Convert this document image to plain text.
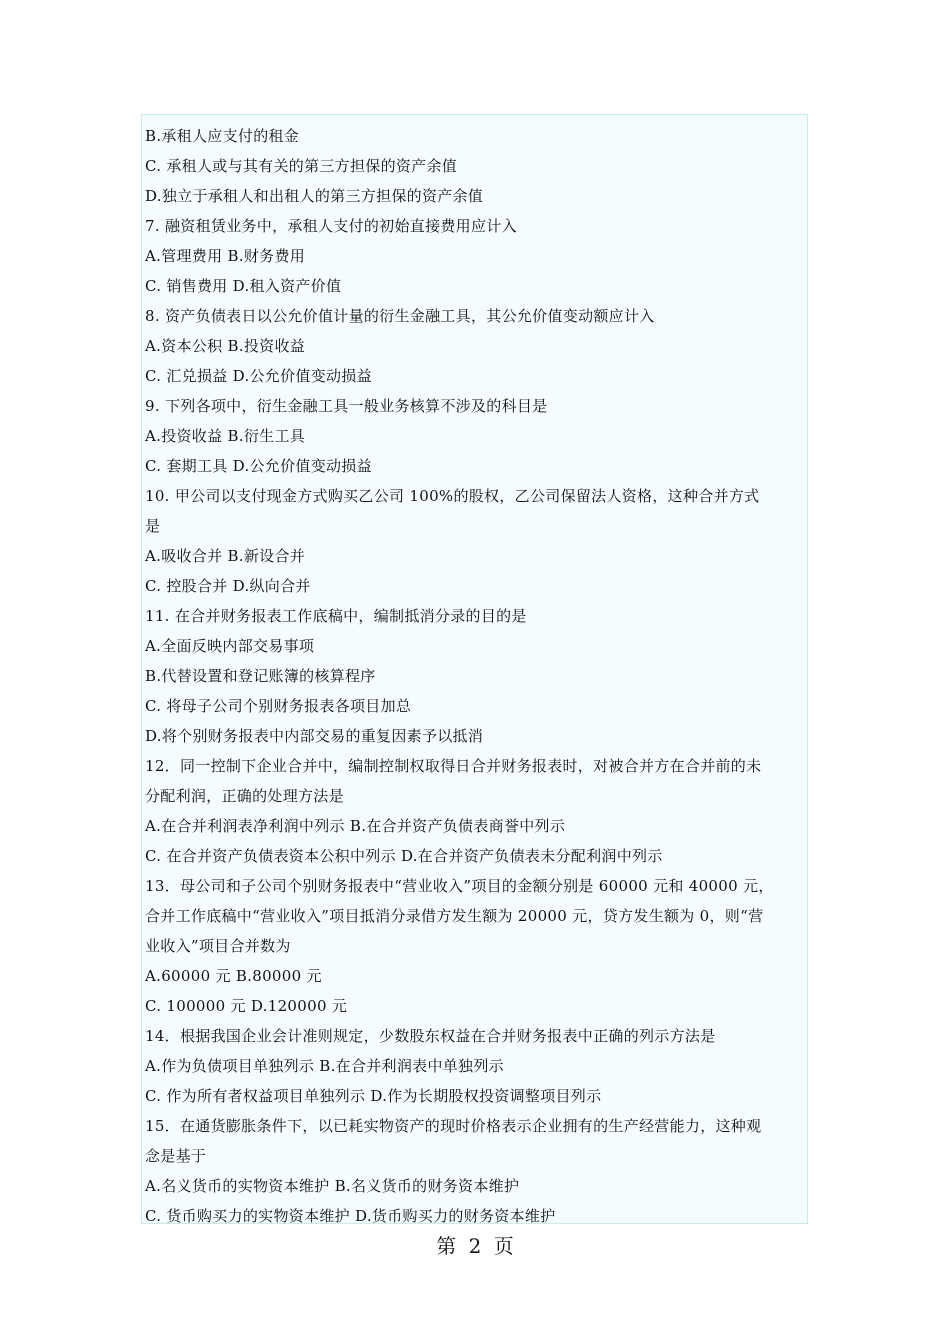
B.承租人应支付的租金
C. 承租人或与其有关的第三方担保的资产余值
D.独立于承租人和出租人的第三方担保的资产余值
7. 融资租赁业务中，承租人支付的初始直接费用应计入
A.管理费用 B.财务费用
C. 销售费用 D.租入资产价值
8. 资产负债表日以公允价值计量的衍生金融工具，其公允价值变动额应计入
A.资本公积 B.投资收益
C. 汇兑损益 D.公允价值变动损益
9. 下列各项中，衍生金融工具一般业务核算不涉及的科目是
A.投资收益 B.衍生工具
C. 套期工具 D.公允价值变动损益
10. 甲公司以支付现金方式购买乙公司 100%的股权，乙公司保留法人资格，这种合并方式
是
A.吸收合并 B.新设合并
C. 控股合并 D.纵向合并
11. 在合并财务报表工作底稿中，编制抵消分录的目的是
A.全面反映内部交易事项
B.代替设置和登记账簿的核算程序
C. 将母子公司个别财务报表各项目加总
D.将个别财务报表中内部交易的重复因素予以抵消
12．同一控制下企业合并中，编制控制权取得日合并财务报表时，对被合并方在合并前的未
分配利润，正确的处理方法是
A.在合并利润表净利润中列示 B.在合并资产负债表商誉中列示
C. 在合并资产负债表资本公积中列示 D.在合并资产负债表未分配利润中列示
13．母公司和子公司个别财务报表中“营业收入”项目的金额分别是 60000 元和 40000 元，
合并工作底稿中“营业收入”项目抵消分录借方发生额为 20000 元，贷方发生额为 0，则“营
业收入”项目合并数为
A.60000 元 B.80000 元
C. 100000 元 D.120000 元
14．根据我国企业会计准则规定，少数股东权益在合并财务报表中正确的列示方法是
A.作为负债项目单独列示 B.在合并利润表中单独列示
C. 作为所有者权益项目单独列示 D.作为长期股权投资调整项目列示
15．在通货膨胀条件下，以已耗实物资产的现时价格表示企业拥有的生产经营能力，这种观
念是基于
A.名义货币的实物资本维护 B.名义货币的财务资本维护
C. 货币购买力的实物资本维护 D.货币购买力的财务资本维护
第 2 页
